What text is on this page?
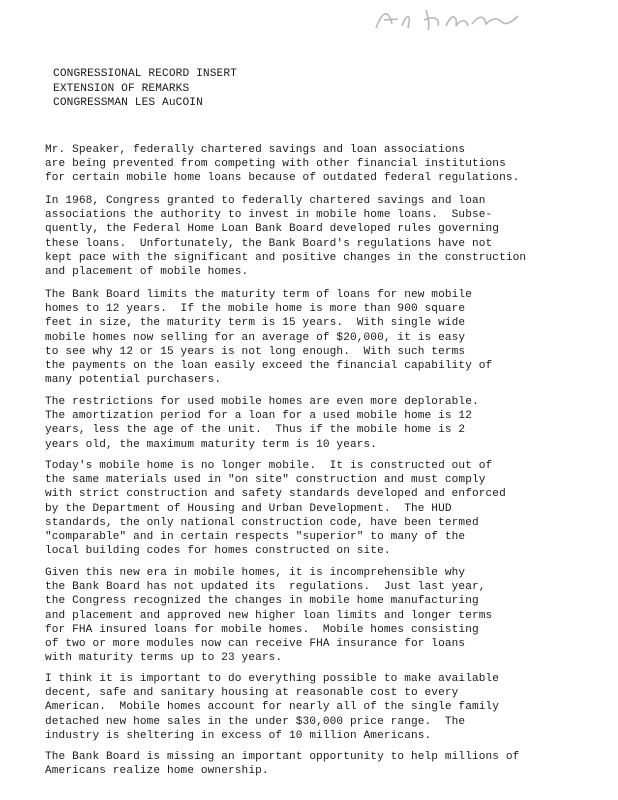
CONGRESSIONAL RECORD INSERT
EXTENSION OF REMARKS
CONGRESSMAN LES AuCOIN
Mr. Speaker, federally chartered savings and loan associations
are being prevented from competing with other financial institutions
for certain mobile home loans because of outdated federal regulations.
In 1968, Congress granted to federally chartered savings and loan
associations the authority to invest in mobile home loans.  Subse-
quently, the Federal Home Loan Bank Board developed rules governing
these loans.  Unfortunately, the Bank Board's regulations have not
kept pace with the significant and positive changes in the construction
and placement of mobile homes.
The Bank Board limits the maturity term of loans for new mobile
homes to 12 years.  If the mobile home is more than 900 square
feet in size, the maturity term is 15 years.  With single wide
mobile homes now selling for an average of $20,000, it is easy
to see why 12 or 15 years is not long enough.  With such terms
the payments on the loan easily exceed the financial capability of
many potential purchasers.
The restrictions for used mobile homes are even more deplorable.
The amortization period for a loan for a used mobile home is 12
years, less the age of the unit.  Thus if the mobile home is 2
years old, the maximum maturity term is 10 years.
Today's mobile home is no longer mobile.  It is constructed out of
the same materials used in "on site" construction and must comply
with strict construction and safety standards developed and enforced
by the Department of Housing and Urban Development.  The HUD
standards, the only national construction code, have been termed
"comparable" and in certain respects "superior" to many of the
local building codes for homes constructed on site.
Given this new era in mobile homes, it is incomprehensible why
the Bank Board has not updated its  regulations.  Just last year,
the Congress recognized the changes in mobile home manufacturing
and placement and approved new higher loan limits and longer terms
for FHA insured loans for mobile homes.  Mobile homes consisting
of two or more modules now can receive FHA insurance for loans
with maturity terms up to 23 years.
I think it is important to do everything possible to make available
decent, safe and sanitary housing at reasonable cost to every
American.  Mobile homes account for nearly all of the single family
detached new home sales in the under $30,000 price range.  The
industry is sheltering in excess of 10 million Americans.
The Bank Board is missing an important opportunity to help millions of
Americans realize home ownership.
